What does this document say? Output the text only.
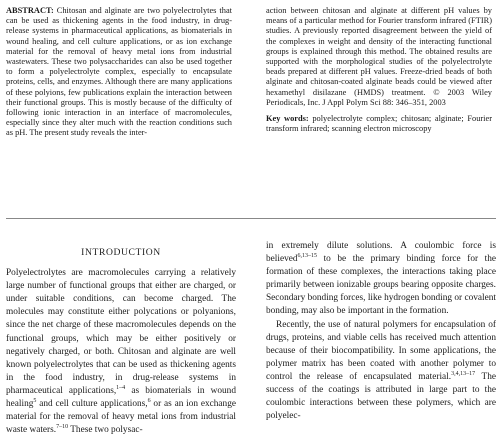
ABSTRACT: Chitosan and alginate are two polyelectrolytes that can be used as thickening agents in the food industry, in drug-release systems in pharmaceutical applications, as biomaterials in wound healing, and cell culture applications, or as ion exchange material for the removal of heavy metal ions from industrial wastewaters. These two polysaccharides can also be used together to form a polyelectrolyte complex, especially to encapsulate proteins, cells, and enzymes. Although there are many applications of these polyions, few publications explain the interaction between their functional groups. This is mostly because of the difficulty of following ionic interaction in an interface of macromolecules, especially since they alter much with the reaction conditions such as pH. The present study reveals the inter-

action between chitosan and alginate at different pH values by means of a particular method for Fourier transform infrared (FTIR) studies. A previously reported disagreement between the yield of the complexes in weight and density of the interacting functional groups is explained through this method. The obtained results are supported with the morphological studies of the polyelectrolyte beads prepared at different pH values. Freeze-dried beads of both alginate and chitosan-coated alginate beads could be viewed after hexamethyl disilazane (HMDS) treatment. © 2003 Wiley Periodicals, Inc. J Appl Polym Sci 88: 346–351, 2003

Key words: polyelectrolyte complex; chitosan; alginate; Fourier transform infrared; scanning electron microscopy

INTRODUCTION

Polyelectrolytes are macromolecules carrying a relatively large number of functional groups that either are charged, or under suitable conditions, can become charged. The molecules may constitute either polycations or polyanions, since the net charge of these macromolecules depends on the functional groups, which may be either positively or negatively charged, or both. Chitosan and alginate are well known polyelectrolytes that can be used as thickening agents in the food industry, in drug-release systems in pharmaceutical applications,$^{1-4}$ as biomaterials in wound healing$^5$ and cell culture applications,$^6$ or as an ion exchange material for the removal of heavy metal ions from industrial waste waters.$^{7-10}$ These two polysac-

in extremely dilute solutions. A coulombic force is believed$^{6,13-15}$ to be the primary binding force for the formation of these complexes, the interactions taking place primarily between ionizable groups bearing opposite charges. Secondary bonding forces, like hydrogen bonding or covalent bonding, may also be important in the formation.

Recently, the use of natural polymers for encapsulation of drugs, proteins, and viable cells has received much attention because of their biocompatibility. In some applications, the polymer matrix has been coated with another polymer to control the release of encapsulated material.$^{3,4,13-17}$ The success of the coatings is attributed in large part to the coulombic interactions between these polymers, which are polyelec-
